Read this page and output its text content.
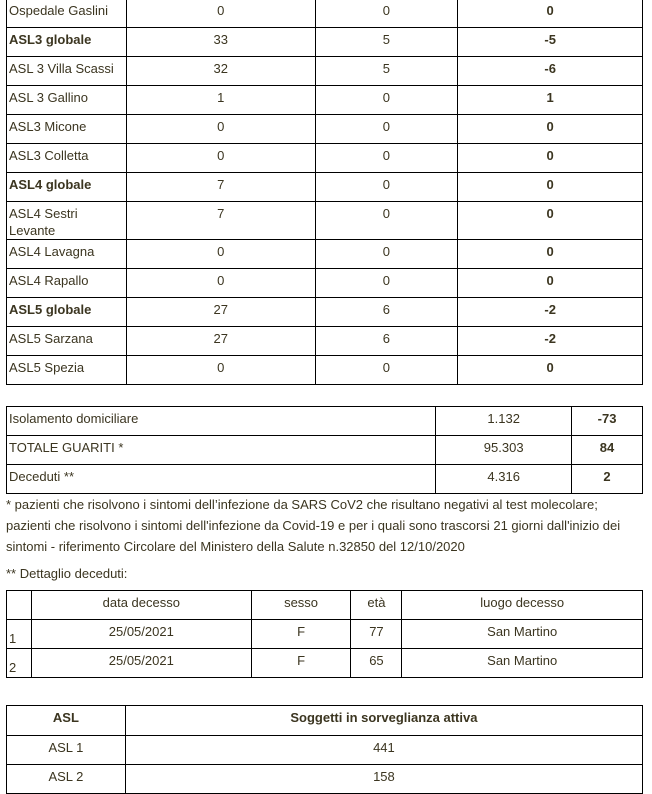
Ospedale Gaslini	0	0	0
ASL3 globale	33	5	-5
ASL 3 Villa Scassi	32	5	-6
ASL 3 Gallino	1	0	1
ASL3 Micone	0	0	0
ASL3 Colletta	0	0	0
ASL4 globale	7	0	0
ASL4 Sestri Levante	7	0	0
ASL4 Lavagna	0	0	0
ASL4 Rapallo	0	0	0
ASL5 globale	27	6	-2
ASL5 Sarzana	27	6	-2
ASL5 Spezia	0	0	0
Isolamento domiciliare	1.132	-73
TOTALE GUARITI *	95.303	84
Deceduti **	4.316	2
* pazienti che risolvono i sintomi dell’infezione da SARS CoV2 che risultano negativi al test molecolare; pazienti che risolvono i sintomi dell'infezione da Covid-19 e per i quali sono trascorsi 21 giorni dall'inizio dei sintomi - riferimento Circolare del Ministero della Salute n.32850 del 12/10/2020
** Dettaglio deceduti:
	data decesso	sesso	età	luogo decesso
1	25/05/2021	F	77	San Martino
2	25/05/2021	F	65	San Martino
ASL	Soggetti in sorveglianza attiva
ASL 1	441
ASL 2	158
